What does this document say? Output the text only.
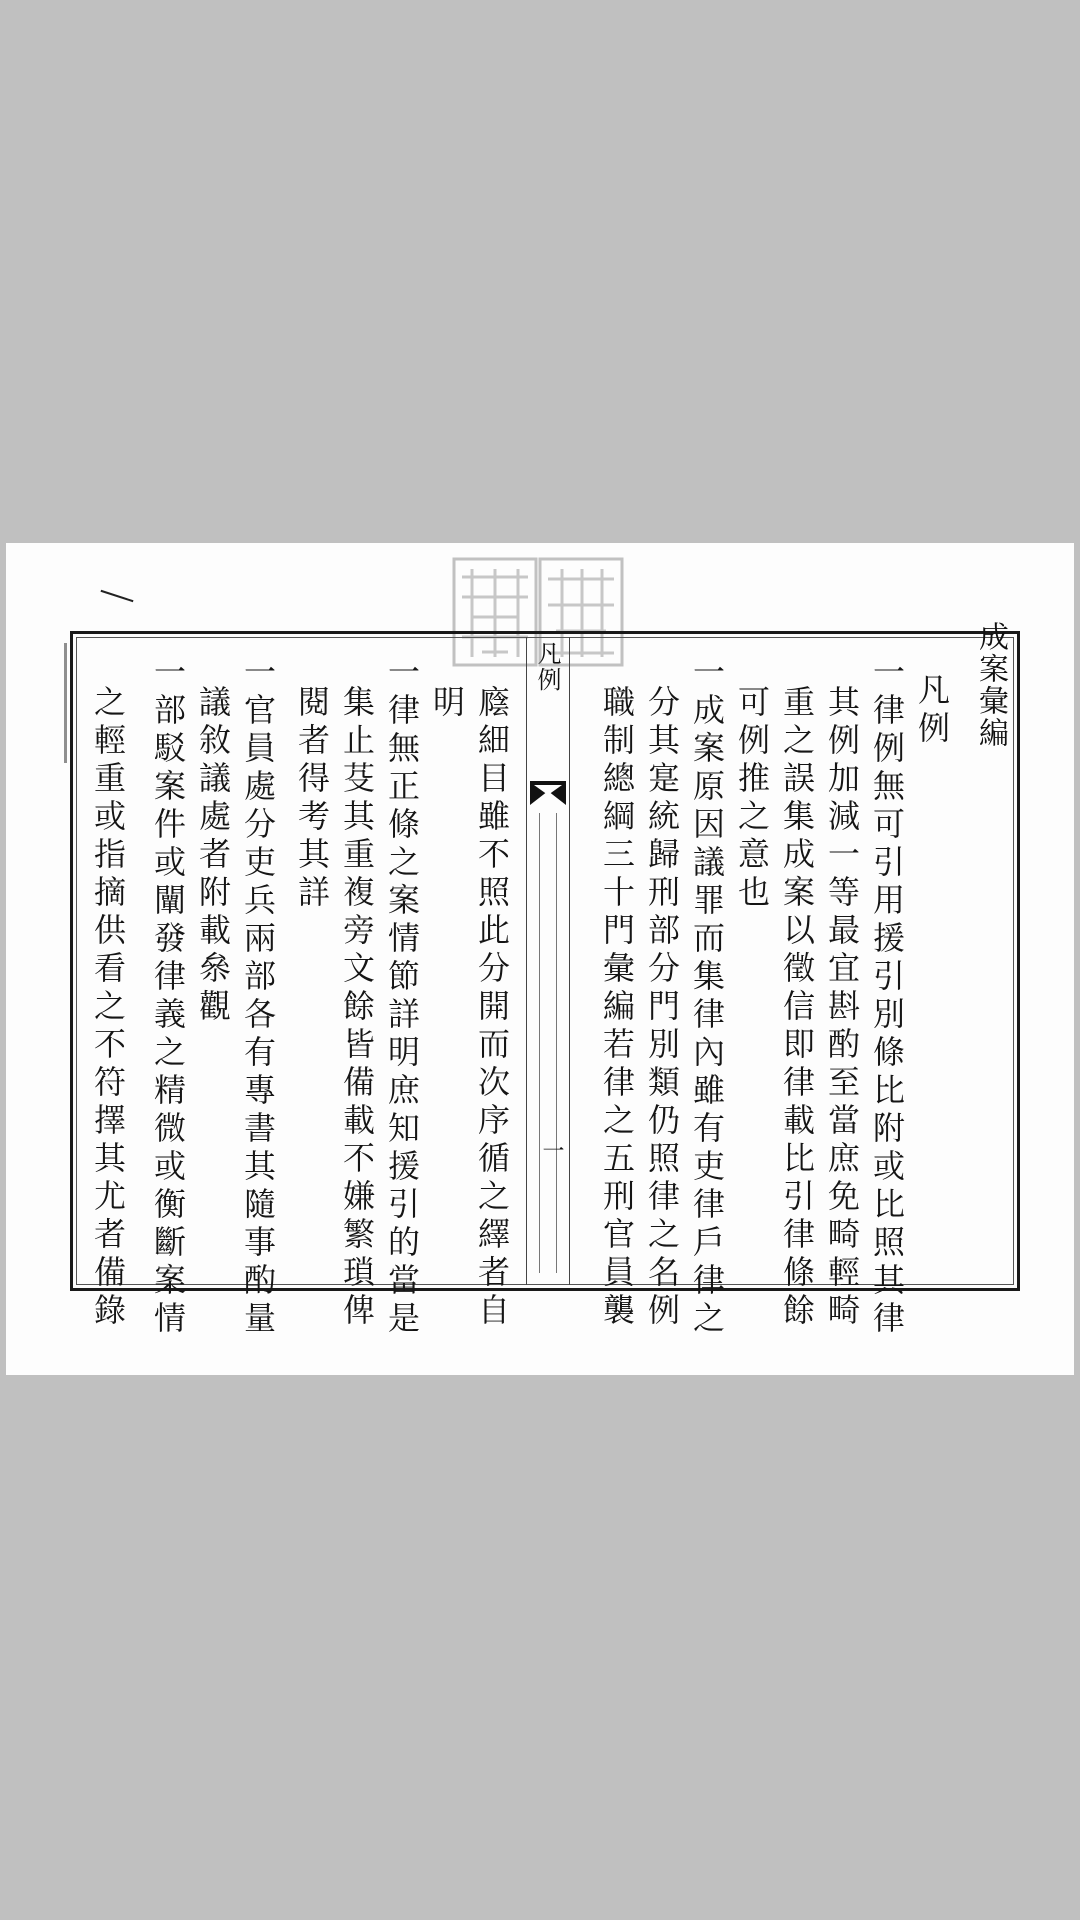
成案彙編
凡例
一
凡例
一律例無可引用援引別條比附或比照其律
其例加減一等最宜斟酌至當庶免畸輕畸
重之誤集成案以徵信即律載比引律條餘
可例推之意也
一成案原因議罪而集律內雖有吏律戶律之
分其寔統歸刑部分門別類仍照律之名例
職制總綱三十門彙編若律之五刑官員襲
廕細目雖不照此分開而次序循之繹者自
明
一律無正條之案情節詳明庶知援引的當是
集止芟其重複旁文餘皆備載不嫌繁瑣俾
閱者得考其詳
一官員處分吏兵兩部各有專書其隨事酌量
議敘議處者附載㕘觀
一部駁案件或闡發律義之精微或衡斷案情
之輕重或指摘供看之不符擇其尤者備錄
